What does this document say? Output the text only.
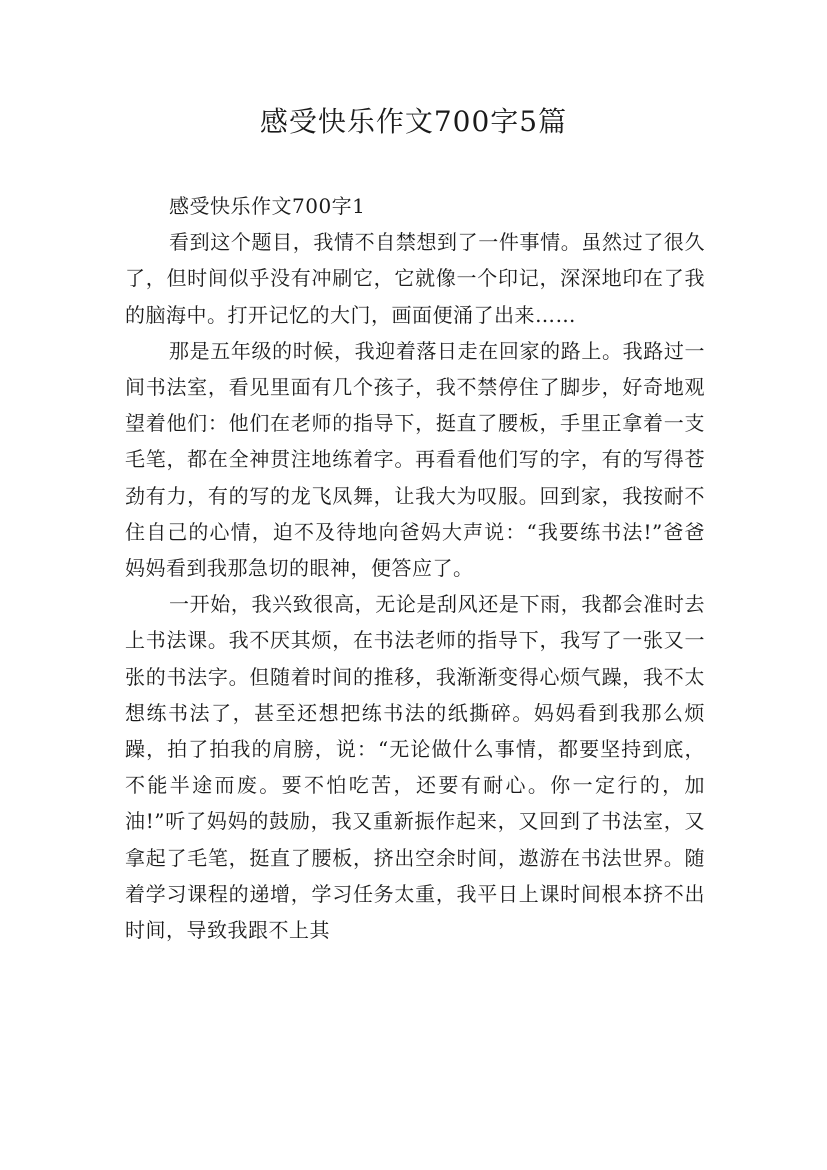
感受快乐作文700字5篇

感受快乐作文700字1

看到这个题目，我情不自禁想到了一件事情。虽然过了很久了，但时间似乎没有冲刷它，它就像一个印记，深深地印在了我的脑海中。打开记忆的大门，画面便涌了出来……

那是五年级的时候，我迎着落日走在回家的路上。我路过一间书法室，看见里面有几个孩子，我不禁停住了脚步，好奇地观望着他们：他们在老师的指导下，挺直了腰板，手里正拿着一支毛笔，都在全神贯注地练着字。再看看他们写的字，有的写得苍劲有力，有的写的龙飞凤舞，让我大为叹服。回到家，我按耐不住自己的心情，迫不及待地向爸妈大声说：“我要练书法!”爸爸妈妈看到我那急切的眼神，便答应了。

一开始，我兴致很高，无论是刮风还是下雨，我都会准时去上书法课。我不厌其烦，在书法老师的指导下，我写了一张又一张的书法字。但随着时间的推移，我渐渐变得心烦气躁，我不太想练书法了，甚至还想把练书法的纸撕碎。妈妈看到我那么烦躁，拍了拍我的肩膀，说：“无论做什么事情，都要坚持到底，不能半途而废。要不怕吃苦，还要有耐心。你一定行的，加油!”听了妈妈的鼓励，我又重新振作起来，又回到了书法室，又拿起了毛笔，挺直了腰板，挤出空余时间，遨游在书法世界。随着学习课程的递增，学习任务太重，我平日上课时间根本挤不出时间，导致我跟不上其
